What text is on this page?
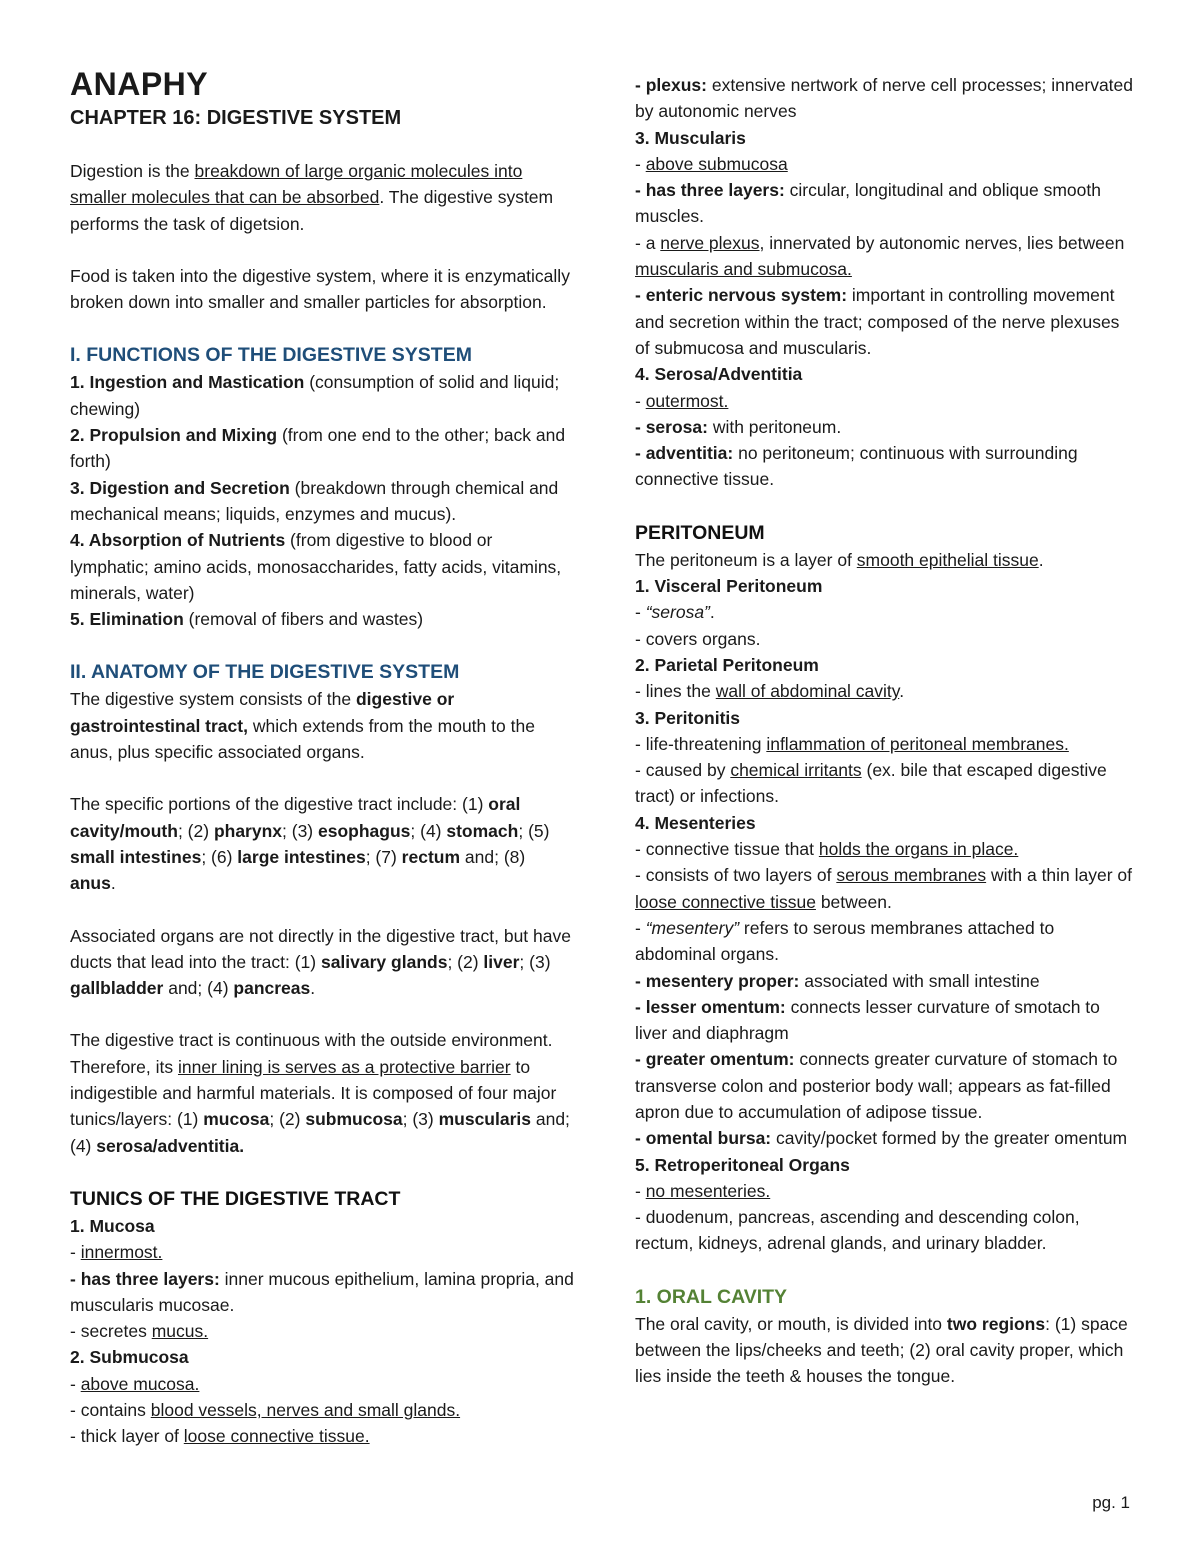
ANAPHY
CHAPTER 16: DIGESTIVE SYSTEM

Digestion is the breakdown of large organic molecules into smaller molecules that can be absorbed. The digestive system performs the task of digetsion.

Food is taken into the digestive system, where it is enzymatically broken down into smaller and smaller particles for absorption.

I. FUNCTIONS OF THE DIGESTIVE SYSTEM

1. Ingestion and Mastication (consumption of solid and liquid; chewing)

2. Propulsion and Mixing (from one end to the other; back and forth)

3. Digestion and Secretion (breakdown through chemical and mechanical means; liquids, enzymes and mucus).

4. Absorption of Nutrients (from digestive to blood or lymphatic; amino acids, monosaccharides, fatty acids, vitamins, minerals, water)

5. Elimination (removal of fibers and wastes)

II. ANATOMY OF THE DIGESTIVE SYSTEM

The digestive system consists of the digestive or gastrointestinal tract, which extends from the mouth to the anus, plus specific associated organs.

The specific portions of the digestive tract include: (1) oral cavity/mouth; (2) pharynx; (3) esophagus; (4) stomach; (5) small intestines; (6) large intestines; (7) rectum and; (8) anus.

Associated organs are not directly in the digestive tract, but have ducts that lead into the tract: (1) salivary glands; (2) liver; (3) gallbladder and; (4) pancreas.

The digestive tract is continuous with the outside environment. Therefore, its inner lining is serves as a protective barrier to indigestible and harmful materials. It is composed of four major tunics/layers: (1) mucosa; (2) submucosa; (3) muscularis and; (4) serosa/adventitia.

TUNICS OF THE DIGESTIVE TRACT

1. Mucosa

- innermost.

- has three layers: inner mucous epithelium, lamina propria, and muscularis mucosae.

- secretes mucus.

2. Submucosa

- above mucosa.

- contains blood vessels, nerves and small glands.

- thick layer of loose connective tissue.

- plexus: extensive nertwork of nerve cell processes; innervated by autonomic nerves

3. Muscularis

- above submucosa

- has three layers: circular, longitudinal and oblique smooth muscles.

- a nerve plexus, innervated by autonomic nerves, lies between muscularis and submucosa.

- enteric nervous system: important in controlling movement and secretion within the tract; composed of the nerve plexuses of submucosa and muscularis.

4. Serosa/Adventitia

- outermost.

- serosa: with peritoneum.

- adventitia: no peritoneum; continuous with surrounding connective tissue.

PERITONEUM

The peritoneum is a layer of smooth epithelial tissue.

1. Visceral Peritoneum

- “serosa”.

- covers organs.

2. Parietal Peritoneum

- lines the wall of abdominal cavity.

3. Peritonitis

- life-threatening inflammation of peritoneal membranes.

- caused by chemical irritants (ex. bile that escaped digestive tract) or infections.

4. Mesenteries

- connective tissue that holds the organs in place.

- consists of two layers of serous membranes with a thin layer of loose connective tissue between.

- “mesentery” refers to serous membranes attached to abdominal organs.

- mesentery proper: associated with small intestine

- lesser omentum: connects lesser curvature of smotach to liver and diaphragm

- greater omentum: connects greater curvature of stomach to transverse colon and posterior body wall; appears as fat-filled apron due to accumulation of adipose tissue.

- omental bursa: cavity/pocket formed by the greater omentum

5. Retroperitoneal Organs

- no mesenteries.

- duodenum, pancreas, ascending and descending colon, rectum, kidneys, adrenal glands, and urinary bladder.

1. ORAL CAVITY

The oral cavity, or mouth, is divided into two regions: (1) space between the lips/cheeks and teeth; (2) oral cavity proper, which lies inside the teeth & houses the tongue.

pg. 1
